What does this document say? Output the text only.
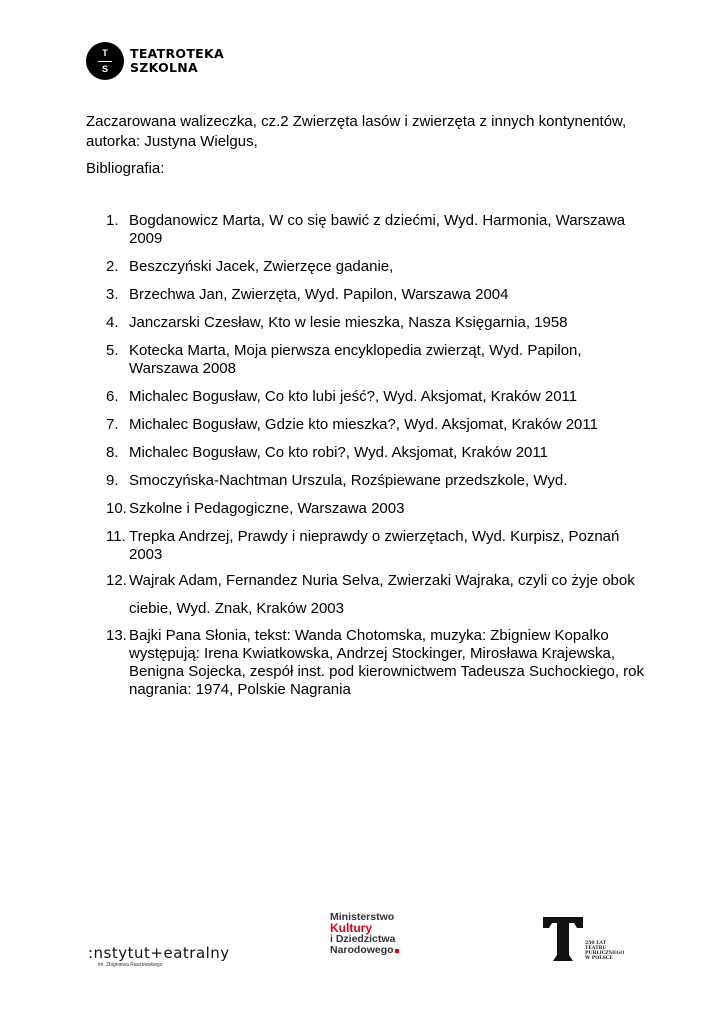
T
S
TEATROTEKA
SZKOLNA
Zaczarowana walizeczka, cz.2 Zwierzęta lasów i zwierzęta z innych kontynentów, autorka: Justyna Wielgus,
Bibliografia:
1. Bogdanowicz Marta, W co się bawić z dziećmi, Wyd. Harmonia, Warszawa 2009
2. Beszczyński Jacek, Zwierzęce gadanie,
3. Brzechwa Jan, Zwierzęta, Wyd. Papilon, Warszawa 2004
4. Janczarski Czesław, Kto w lesie mieszka, Nasza Księgarnia, 1958
5. Kotecka Marta, Moja pierwsza encyklopedia zwierząt, Wyd. Papilon, Warszawa 2008
6. Michalec Bogusław, Co kto lubi jeść?, Wyd. Aksjomat, Kraków 2011
7. Michalec Bogusław, Gdzie kto mieszka?, Wyd. Aksjomat, Kraków 2011
8. Michalec Bogusław, Co kto robi?, Wyd. Aksjomat, Kraków 2011
9. Smoczyńska-Nachtman Urszula, Rozśpiewane przedszkole, Wyd.
10. Szkolne i Pedagogiczne, Warszawa 2003
11. Trepka Andrzej, Prawdy i nieprawdy o zwierzętach, Wyd. Kurpisz, Poznań 2003
12. Wajrak Adam, Fernandez Nuria Selva, Zwierzaki Wajraka, czyli co żyje obok ciebie, Wyd. Znak, Kraków 2003
13. Bajki Pana Słonia, tekst: Wanda Chotomska, muzyka: Zbigniew Kopalko występują: Irena Kwiatkowska, Andrzej Stockinger, Mirosława Krajewska, Benigna Sojecka, zespół inst. pod kierownictwem Tadeusza Suchockiego, rok nagrania: 1974, Polskie Nagrania
:nstytut+eatralny
im. Zbigniewa Raszewskiego
Ministerstwo
Kultury
i Dziedzictwa
Narodowego
250 LAT
TEATRU
PUBLICZNEGO
W POLSCE
